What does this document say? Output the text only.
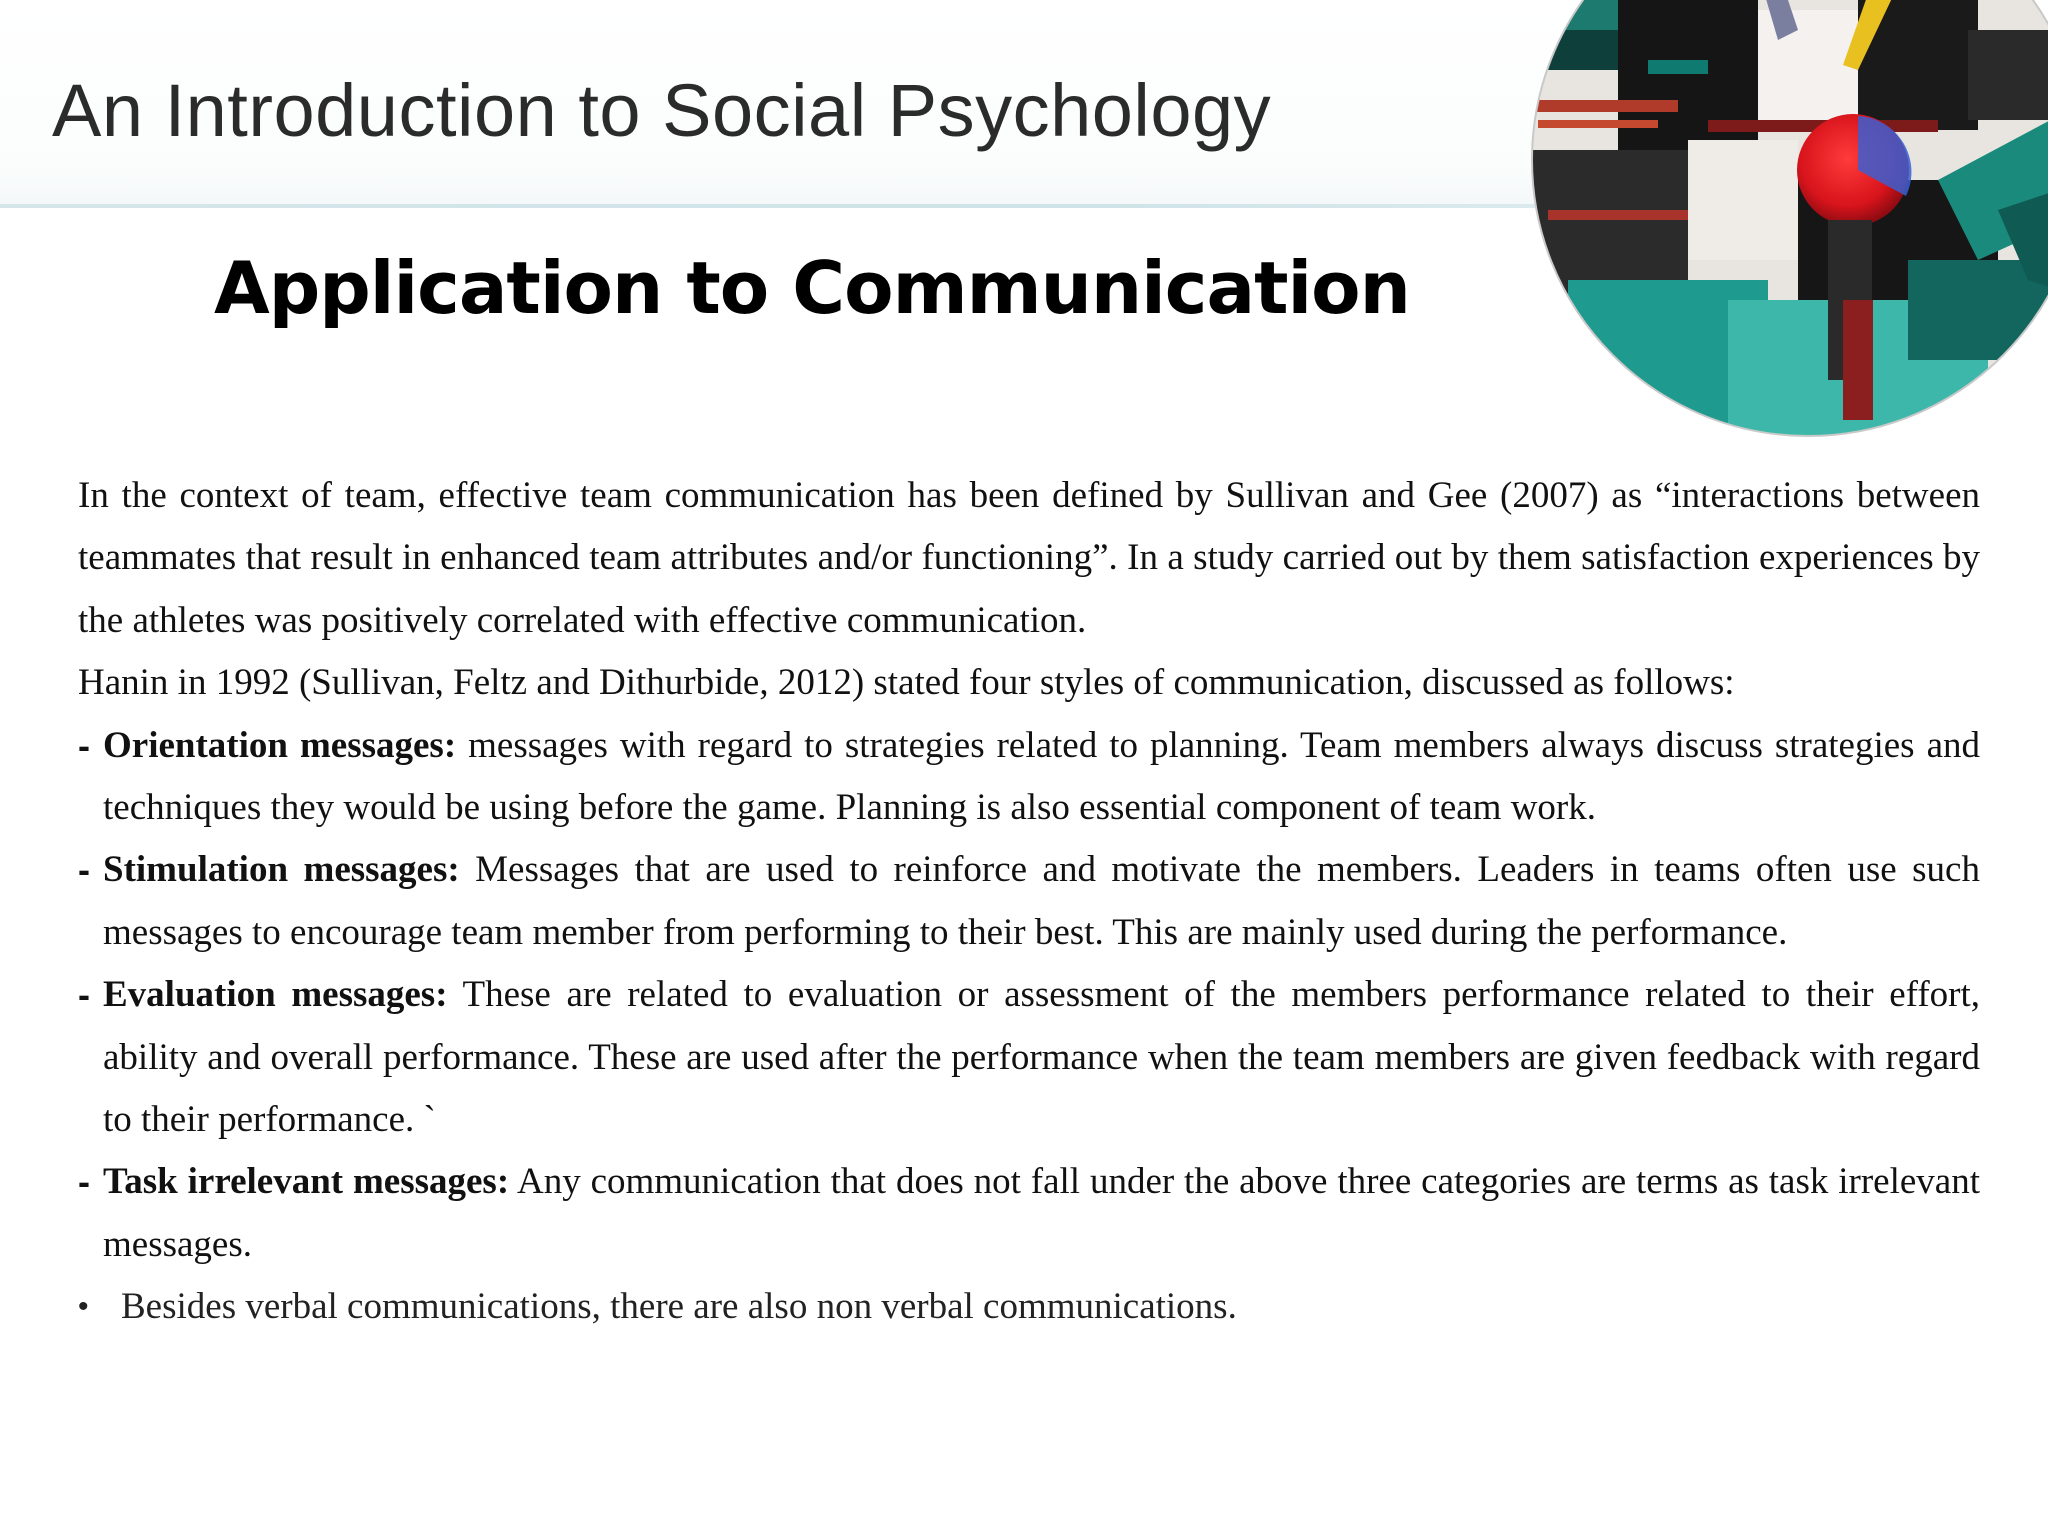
An Introduction to Social Psychology
Application to Communication

In the context of team, effective team communication has been defined by Sullivan and Gee (2007) as “interactions between teammates that result in enhanced team attributes and/or functioning”. In a study carried out by them satisfaction experiences by the athletes was positively correlated with effective communication.

Hanin in 1992 (Sullivan, Feltz and Dithurbide, 2012) stated four styles of communication, discussed as follows:

- Orientation messages: messages with regard to strategies related to planning. Team members always discuss strategies and techniques they would be using before the game. Planning is also essential component of team work.

- Stimulation messages: Messages that are used to reinforce and motivate the members. Leaders in teams often use such messages to encourage team member from performing to their best. This are mainly used during the performance.

- Evaluation messages: These are related to evaluation or assessment of the members performance related to their effort, ability and overall performance. These are used after the performance when the team members are given feedback with regard to their performance. `

- Task irrelevant messages: Any communication that does not fall under the above three categories are terms as task irrelevant messages.

• Besides verbal communications, there are also non verbal communications.
